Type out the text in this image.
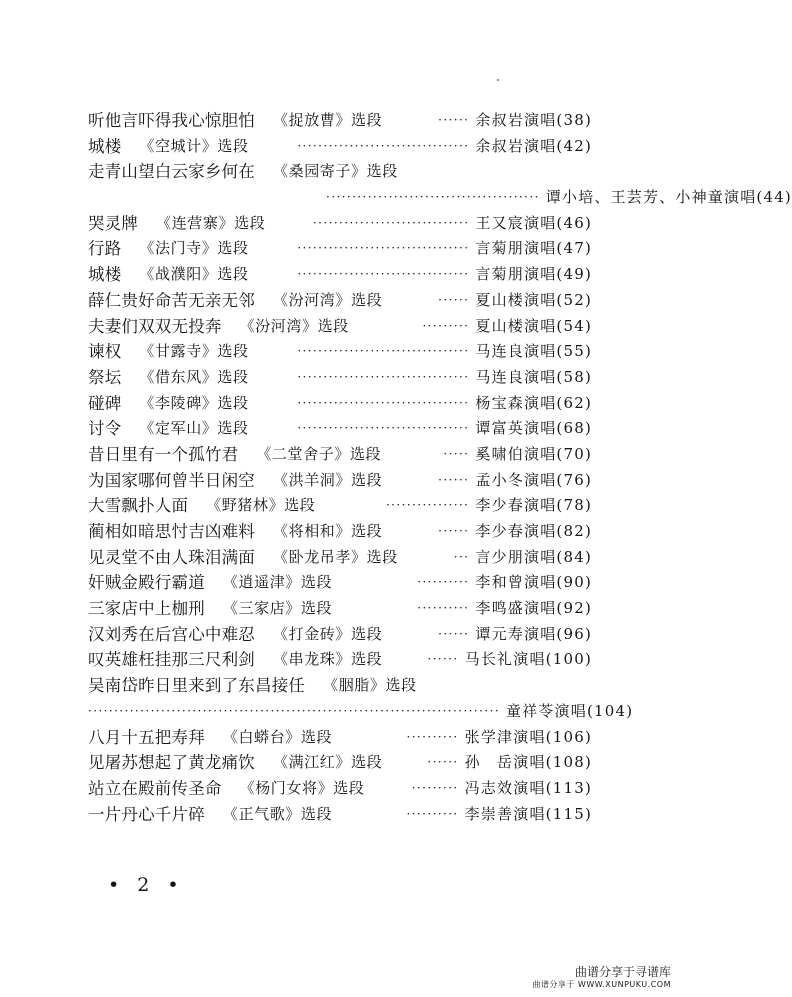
听他言吓得我心惊胆怕 《捉放曹》选段	······ 余叔岩演唱(38)
城楼 《空城计》选段	································· 余叔岩演唱(42)
走青山望白云家乡何在 《桑园寄子》选段
········································· 谭小培、王芸芳、小神童演唱(44)
哭灵牌 《连营寨》选段	······························ 王又宸演唱(46)
行路 《法门寺》选段	································· 言菊朋演唱(47)
城楼 《战濮阳》选段	································· 言菊朋演唱(49)
薛仁贵好命苦无亲无邻 《汾河湾》选段	······ 夏山楼演唱(52)
夫妻们双双无投奔 《汾河湾》选段	········· 夏山楼演唱(54)
谏权 《甘露寺》选段	································· 马连良演唱(55)
祭坛 《借东风》选段	································· 马连良演唱(58)
碰碑 《李陵碑》选段	································· 杨宝森演唱(62)
讨令 《定军山》选段	································· 谭富英演唱(68)
昔日里有一个孤竹君 《二堂舍子》选段	····· 奚啸伯演唱(70)
为国家哪何曾半日闲空 《洪羊洞》选段	······ 孟小冬演唱(76)
大雪飘扑人面 《野猪林》选段	················ 李少春演唱(78)
蔺相如暗思忖吉凶难料 《将相和》选段	······ 李少春演唱(82)
见灵堂不由人珠泪满面 《卧龙吊孝》选段	··· 言少朋演唱(84)
奸贼金殿行霸道 《逍遥津》选段	·········· 李和曾演唱(90)
三家店中上枷刑 《三家店》选段	·········· 李鸣盛演唱(92)
汉刘秀在后宫心中难忍 《打金砖》选段	······ 谭元寿演唱(96)
叹英雄枉挂那三尺利剑 《串龙珠》选段	······ 马长礼演唱(100)
吴南岱昨日里来到了东昌接任 《胭脂》选段
··············································································· 童祥苓演唱(104)
八月十五把寿拜 《白蟒台》选段	·········· 张学津演唱(106)
见屠苏想起了黄龙痛饮 《满江红》选段	······ 孙　岳演唱(108)
站立在殿前传圣命 《杨门女将》选段	········· 冯志效演唱(113)
一片丹心千片碎 《正气歌》选段	·········· 李崇善演唱(115)
• 2 •
曲谱分享于寻谱库
曲谱分享于 WWW.XUNPUKU.COM
